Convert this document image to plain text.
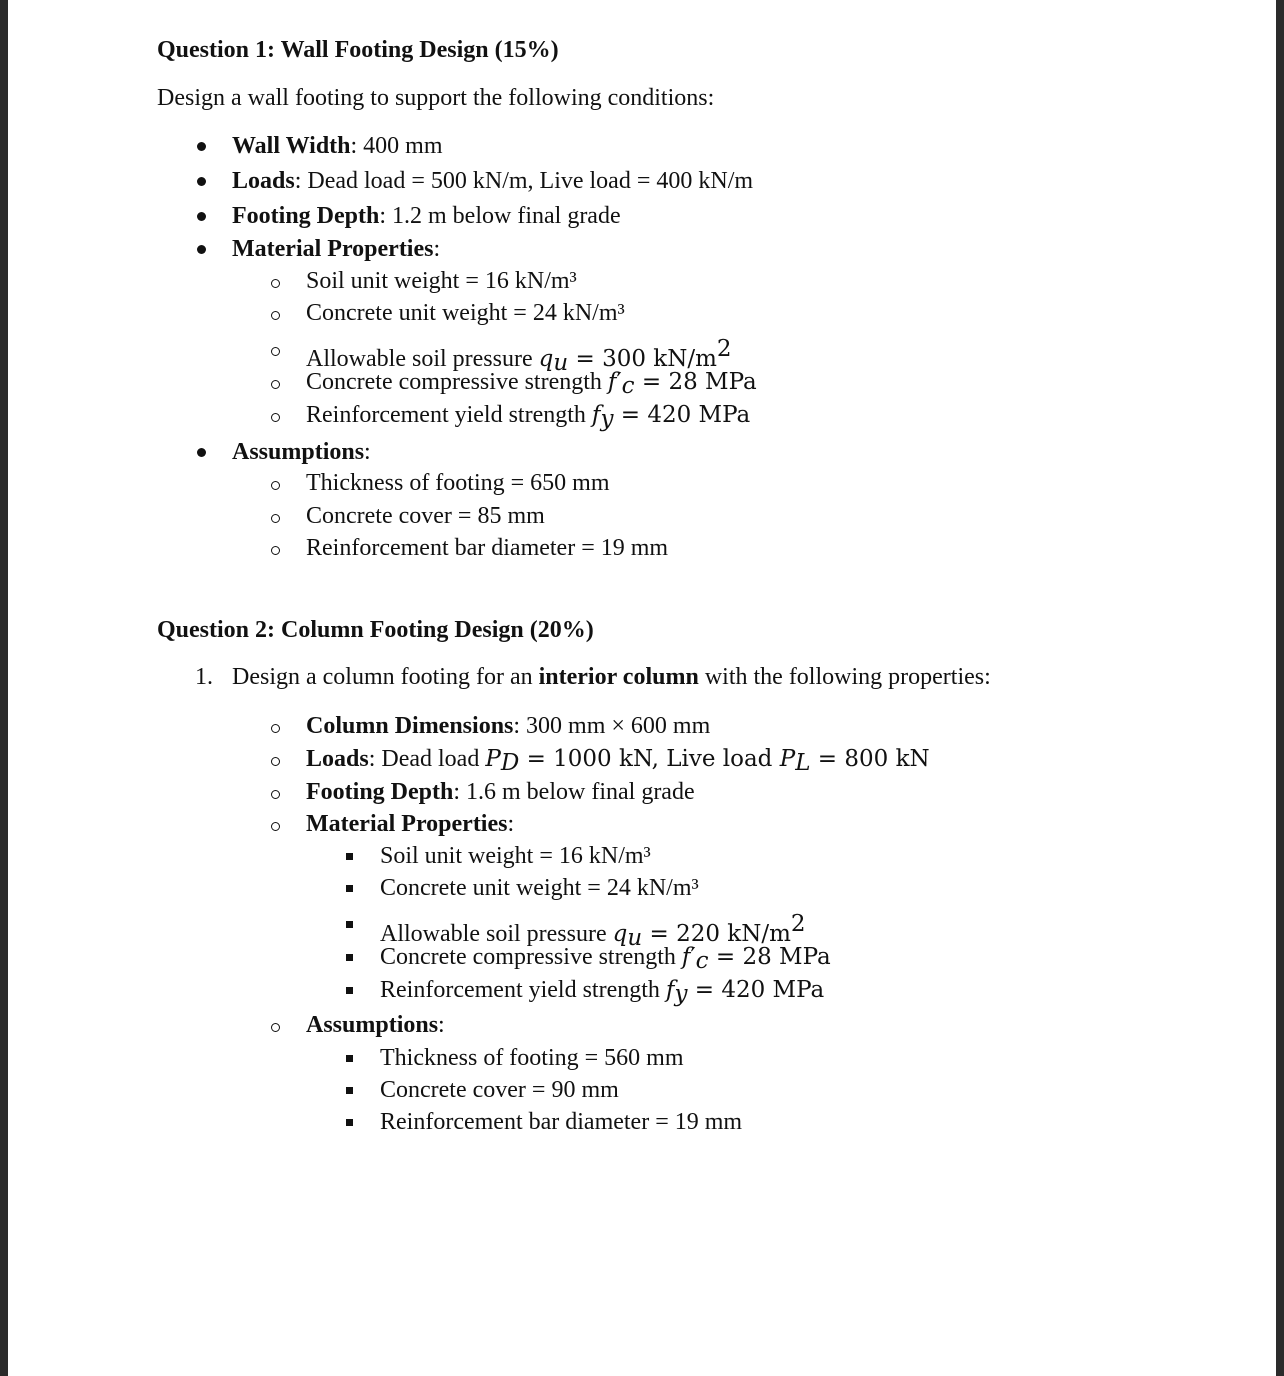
Question 1: Wall Footing Design (15%)
Design a wall footing to support the following conditions:
Wall Width: 400 mm
Loads: Dead load = 500 kN/m, Live load = 400 kN/m
Footing Depth: 1.2 m below final grade
Material Properties:
Soil unit weight = 16 kN/m³
Concrete unit weight = 24 kN/m³
Allowable soil pressure $q_u = 300$ $kN/m^2$
Concrete compressive strength $f'_c = 28$ MPa
Reinforcement yield strength $f_y = 420$ MPa
Assumptions:
Thickness of footing = 650 mm
Concrete cover = 85 mm
Reinforcement bar diameter = 19 mm
Question 2: Column Footing Design (20%)
1. Design a column footing for an interior column with the following properties:
Column Dimensions: 300 mm × 600 mm
Loads: Dead load $P_D = 1000$ kN, Live load $P_L = 800$ kN
Footing Depth: 1.6 m below final grade
Material Properties:
Soil unit weight = 16 kN/m³
Concrete unit weight = 24 kN/m³
Allowable soil pressure $q_u = 220$ $kN/m^2$
Concrete compressive strength $f'_c = 28$ MPa
Reinforcement yield strength $f_y = 420$ MPa
Assumptions:
Thickness of footing = 560 mm
Concrete cover = 90 mm
Reinforcement bar diameter = 19 mm
